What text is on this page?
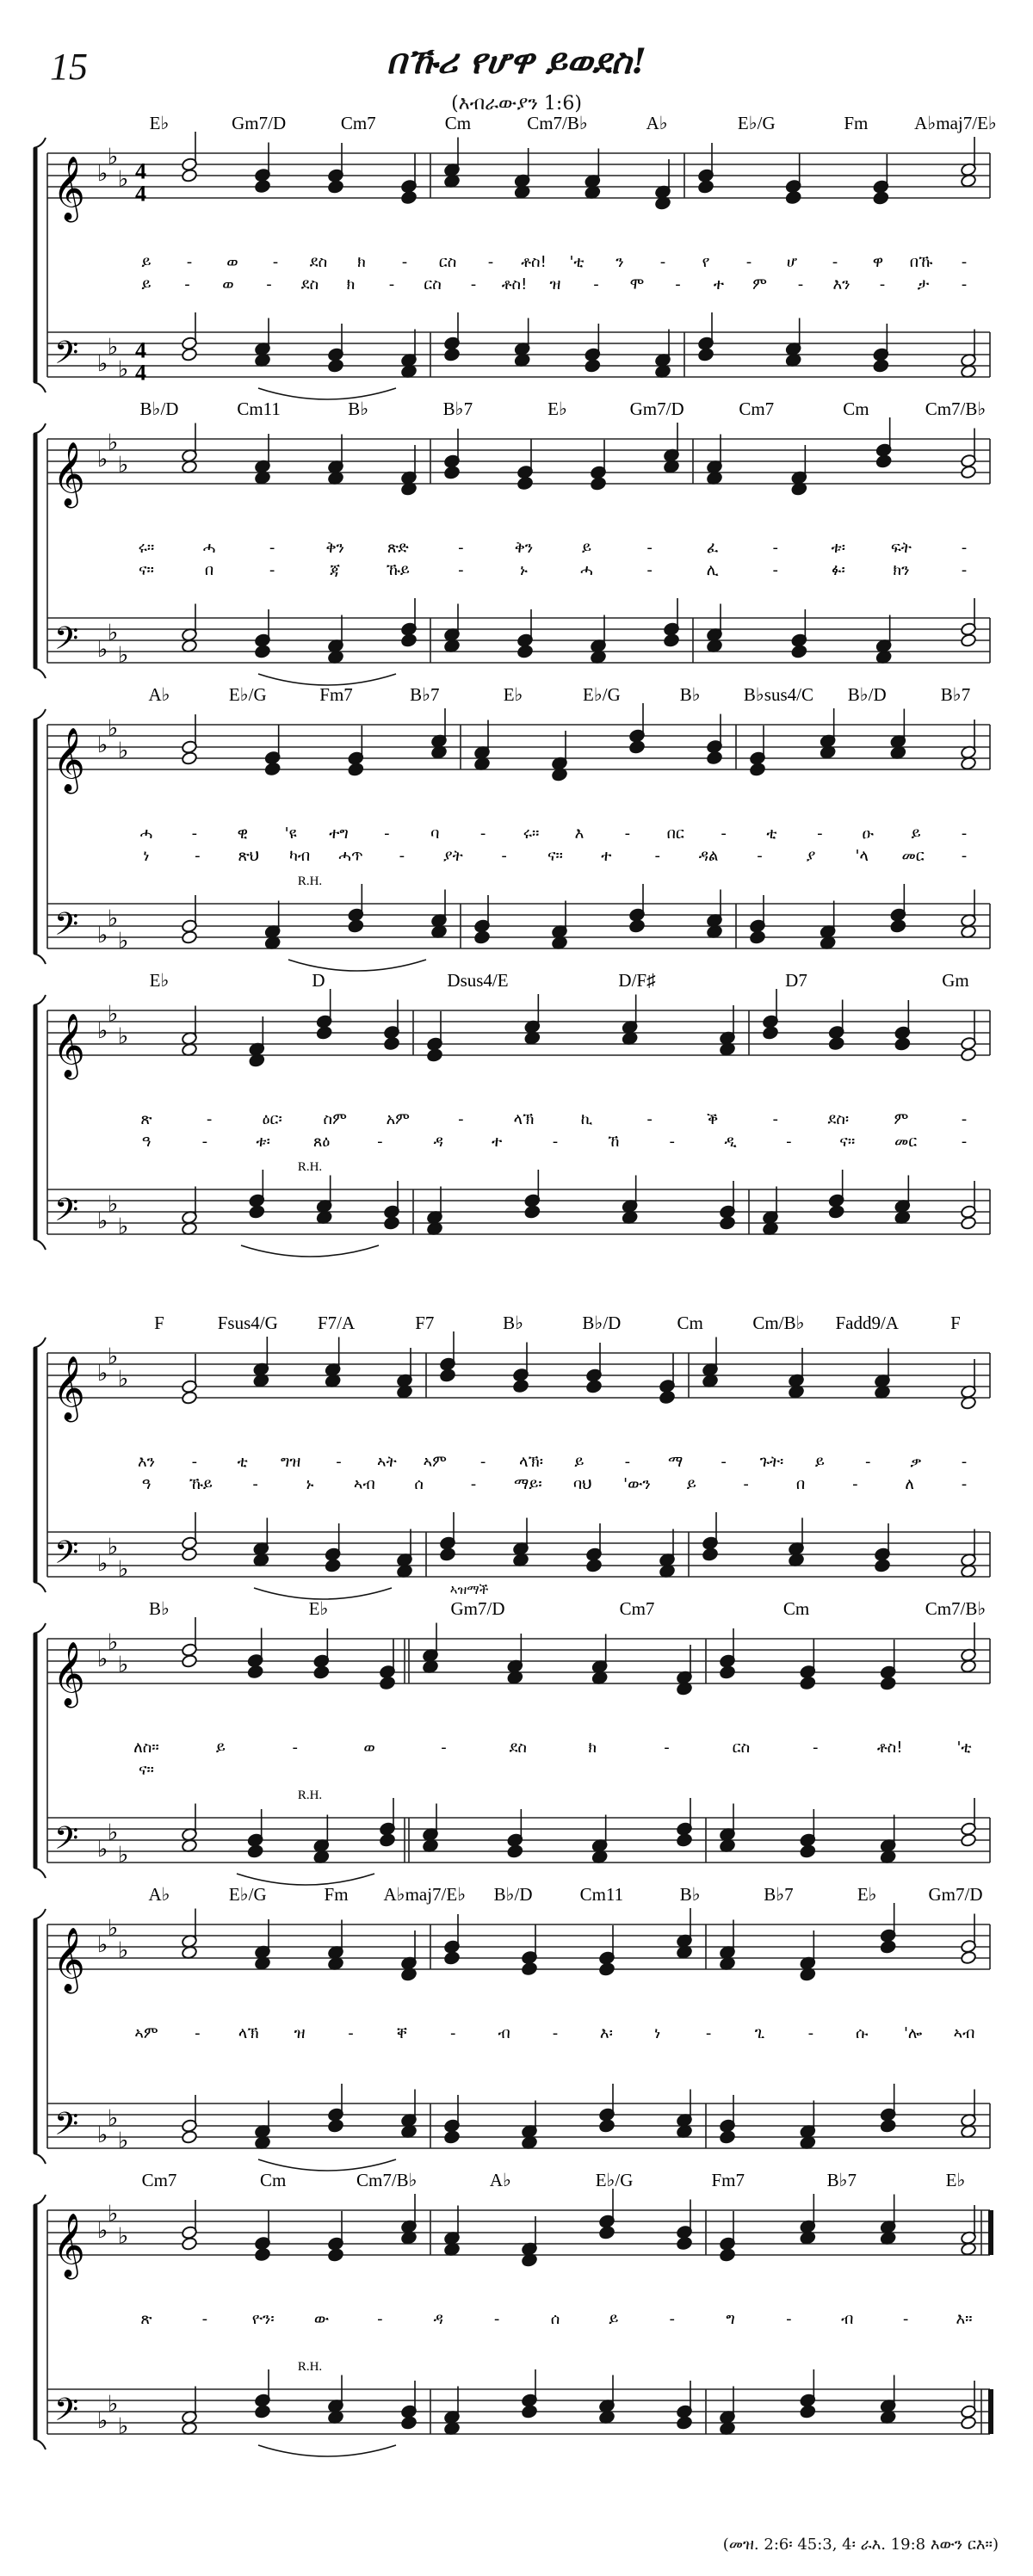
15	በኹሪ የሆዋ ይወደስ!
(እብራውያን 1:6)
𝄞
𝄢
♭
♭
♭
♭
♭
♭
4
4
4
4
E♭	Gm7/D	Cm7	Cm	Cm7/B♭	A♭	E♭/G	Fm	A♭maj7/E♭
ይ - ወ - ደስ ክ - ርስ - ቶስ! 'ቲ ን - የ - ሆ - ዋ በኹ -
ይ - ወ - ደስ ክ - ርስ - ቶስ! ዝ - ሞ - ተ ም - እን - ታ -
𝄞
𝄢
♭
♭
♭
♭
♭
♭
B♭/D	Cm11	B♭	B♭7	E♭	Gm7/D	Cm7	Cm	Cm7/B♭
ሩ።	ሓ	-	ቅን	ጽድ	-	ቅን	ይ	-	ፈ	-	ቱ፡	ፍት	-
ና።	በ	-	ጃ	ኹይ	-	ኑ	ሓ	-	ሊ	-	ፉ፡	ክን	-
𝄞
𝄢
♭
♭
♭
♭
♭
♭
A♭	E♭/G	Fm7	B♭7	E♭	E♭/G	B♭ B♭sus4/C B♭/D	B♭7
ሓ	-	ዊ 'ዩ ተግ -	ባ	- ሩ። እ	- በር -	ቲ	-	ዑ ይ	-
ነ	- ጽህ ካብ ሓጥ - ያት -	ና። ተ	- ዳል -	ያ	'ላ መር -
R.H.
𝄞
𝄢
♭
♭
♭
♭
♭
♭
E♭	D	Dsus4/E	D/F♯	D7	Gm
ጽ	-	ዕር፡	ስም	አም	-	ላኽ	ኪ	-	ቕ	-	ደስ፡	ም	-
ዓ	-	ቱ፡	ጸዕ	-	ዳ	ተ	-	ኸ	-	ዲ	-	ና።	መር	-
R.H.
𝄞
𝄢
♭
♭
♭
♭
♭
♭
F	Fsus4/G F7/A	F7	B♭	B♭/D	Cm	Cm/B♭ Fadd9/A	F
እን -	ቲ ግዝ - ኣት ኣም - ላኽ፡ ይ	- ማ - ጉት፡ ይ	-	ቃ	-
ዓ ኹይ	-	ኑ	ኣብ	ሰ	- ማይ፡ ባህ 'ውን ይ	-	በ	-	ለ	-
𝄞
𝄢
♭
♭
♭
♭
♭
♭
B♭	E♭	Gm7/D	Cm7	Cm	Cm7/B♭
ለስ።	ይ	-	ወ	-	ደስ	ክ	-	ርስ	-	ቶስ!	'ቲ
ና።
ኣዝማች
R.H.
𝄞
𝄢
♭
♭
♭
♭
♭
♭
A♭	E♭/G	Fm A♭maj7/E♭ B♭/D	Cm11	B♭	B♭7	E♭	Gm7/D
ኣም - ላኽ ዝ	-	ቐ	-	ብ	-	እ፡	ነ	-	ጊ	-	ሱ 'ሎ ኣብ
𝄞
𝄢
♭
♭
♭
♭
♭
♭
Cm7	Cm	Cm7/B♭	A♭	E♭/G	Fm7	B♭7	E♭
ጽ	-	ዮን፡	ው	-	ዳ	-	ሰ	ይ	-	ግ	-	ብ	-	እ።
R.H.
(መዝ. 2:6፡ 45:3, 4፡ ራእ. 19:8 እውን ርእ።)
